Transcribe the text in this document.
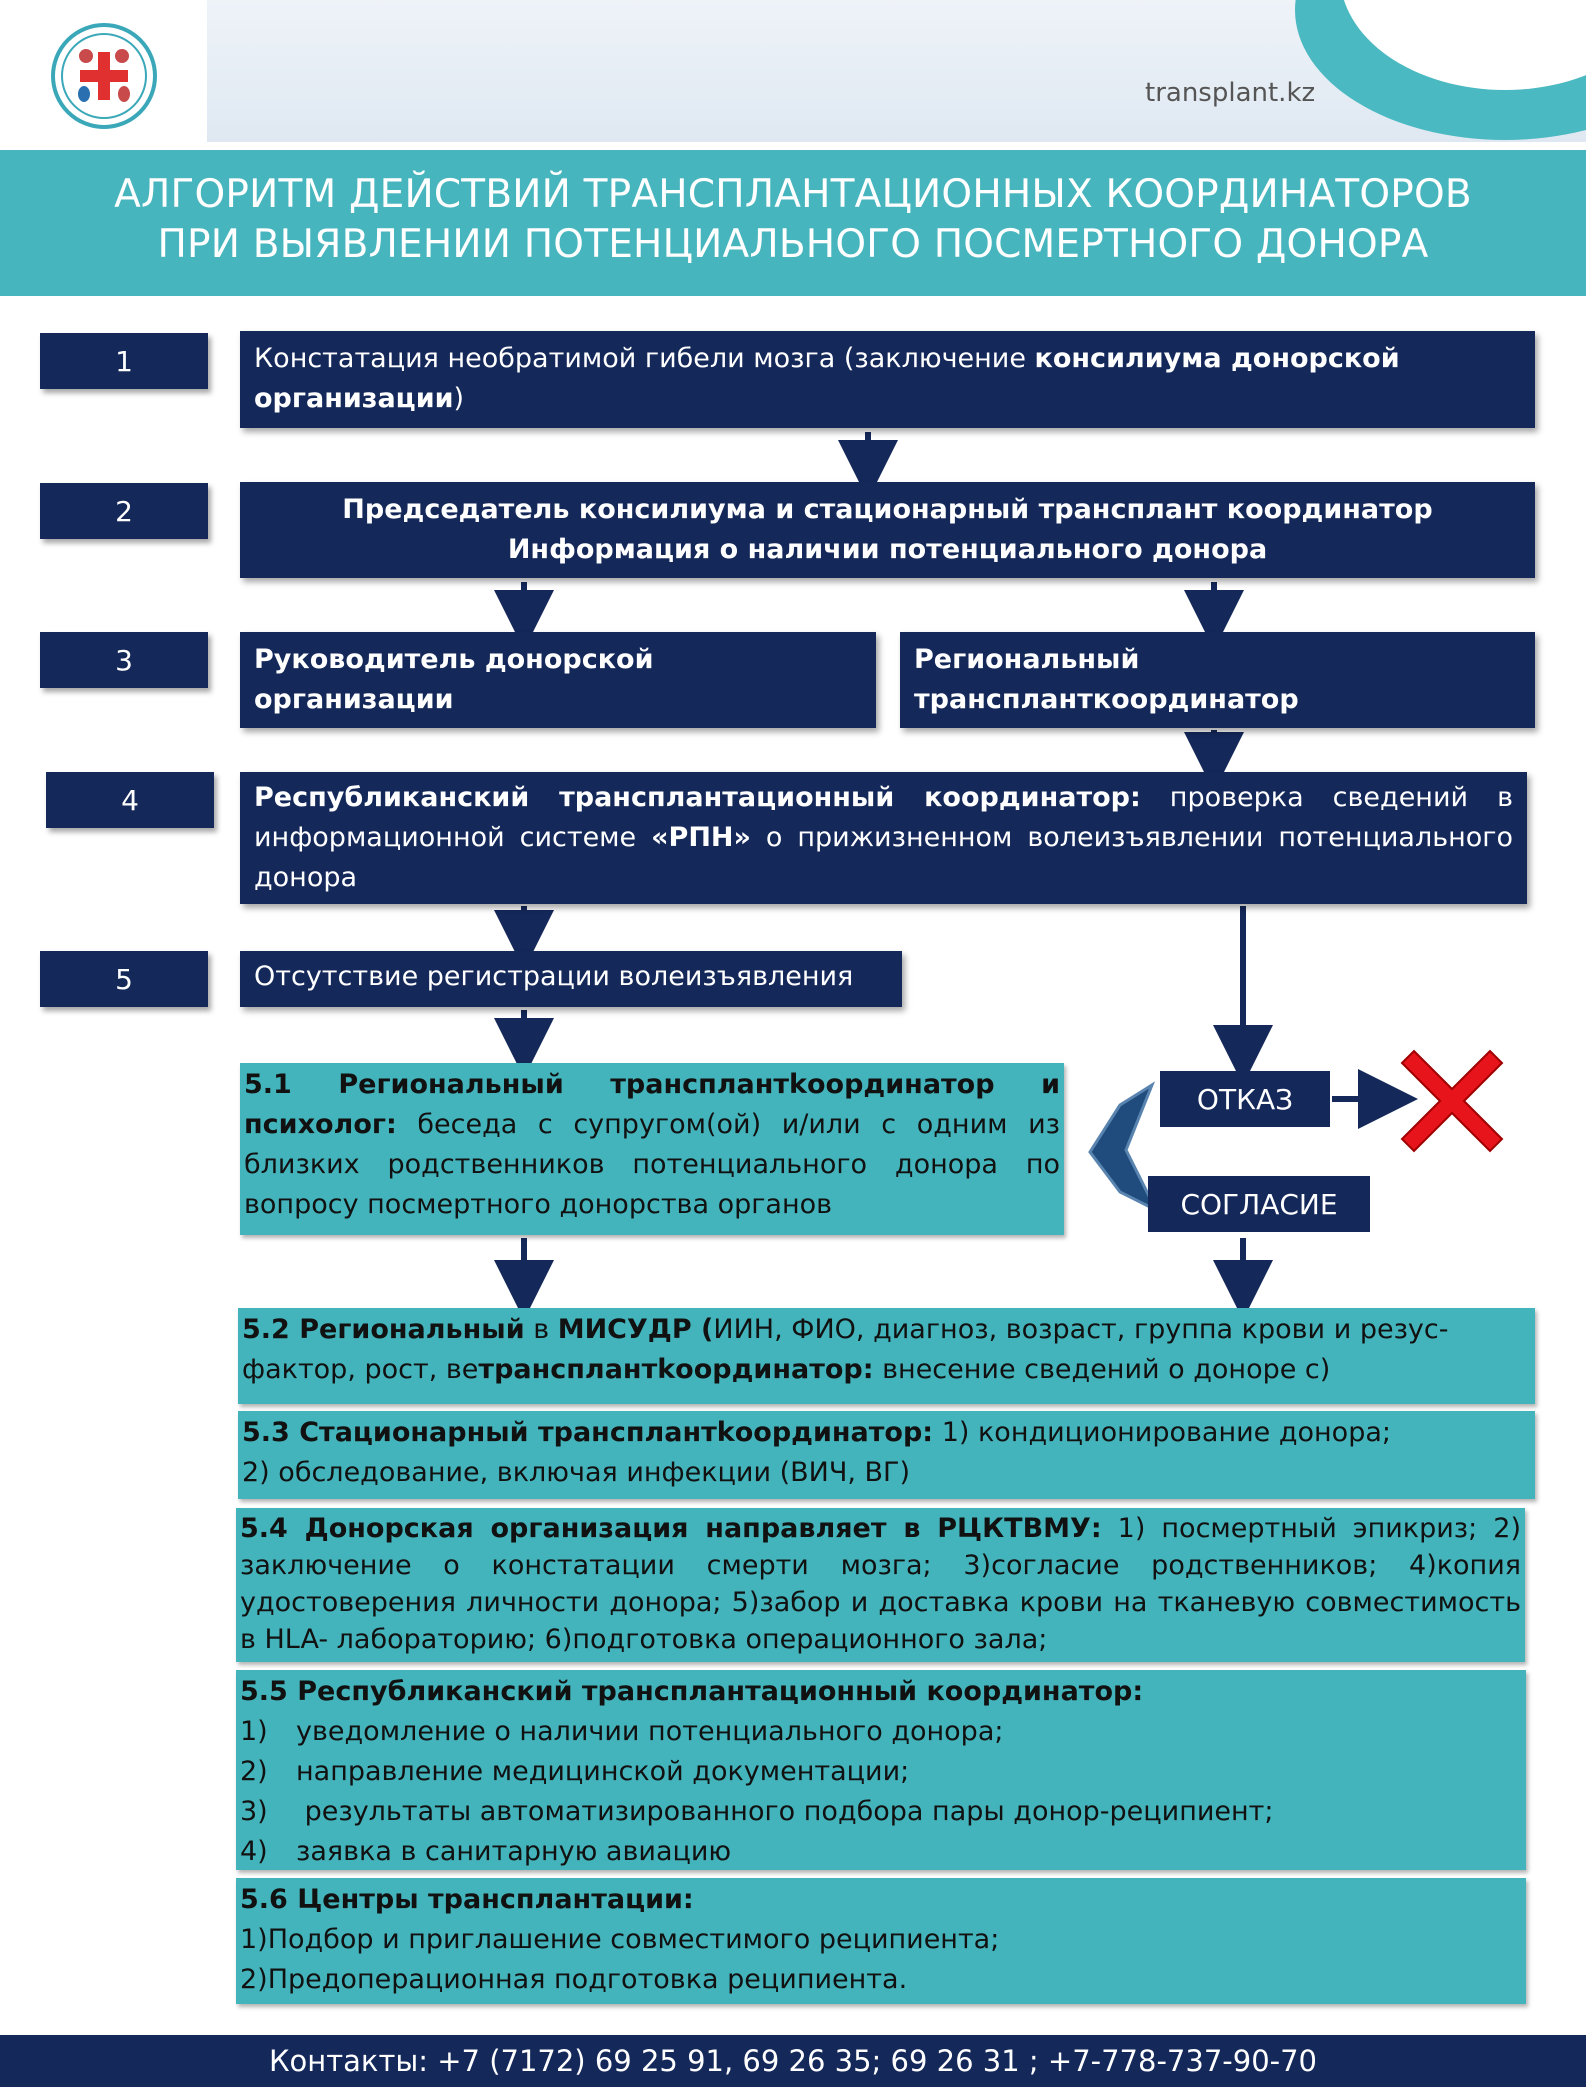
transplant.kz
АЛГОРИТМ ДЕЙСТВИЙ ТРАНСПЛАНТАЦИОННЫХ КООРДИНАТОРОВ
ПРИ ВЫЯВЛЕНИИ ПОТЕНЦИАЛЬНОГО ПОСМЕРТНОГО ДОНОРА
1	Констатация необратимой гибели мозга (заключение консилиума донорской организации)
2	Председатель консилиума и стационарный трансплант координатор
Информация о наличии потенциального донора
3	Руководитель донорской организации
Региональный транспланткоординатор
4	Республиканский трансплантационный координатор: проверка сведений в информационной системе «РПН» о прижизненном волеизъявлении потенциального донора
5	Отсутствие регистрации волеизъявления
5.1 Региональный трансплантkоординатор и психолог: беседа с супругом(ой) и/или с одним из близких родственников потенциального донора по вопросу посмертного донорства органов
ОТКАЗ
СОГЛАСИЕ
5.2 Региональный в МИСУДР (ИИН, ФИО, диагноз, возраст, группа крови и резус-
фактор, рост, ветрансплантkоординатор: внесение сведений о доноре с)
5.3 Стационарный трансплантkоординатор: 1) кондиционирование донора;
2) обследование, включая инфекции (ВИЧ, ВГ)
5.4 Донорская организация направляет в РЦКТВМУ: 1) посмертный эпикриз; 2) заключение о констатации смерти мозга; 3)согласие родственников; 4)копия удостоверения личности донора; 5)забор и доставка крови на тканевую совместимость в HLA- лабораторию; 6)подготовка операционного зала;
5.5 Республиканский трансплантационный координатор:
1) уведомление о наличии потенциального донора;
2) направление медицинской документации;
3) результаты автоматизированного подбора пары донор-реципиент;
4) заявка в санитарную авиацию
5.6 Центры трансплантации:
1)Подбор и приглашение совместимого реципиента;
2)Предоперационная подготовка реципиента.
Контакты: +7 (7172) 69 25 91, 69 26 35; 69 26 31 ; +7-778-737-90-70
